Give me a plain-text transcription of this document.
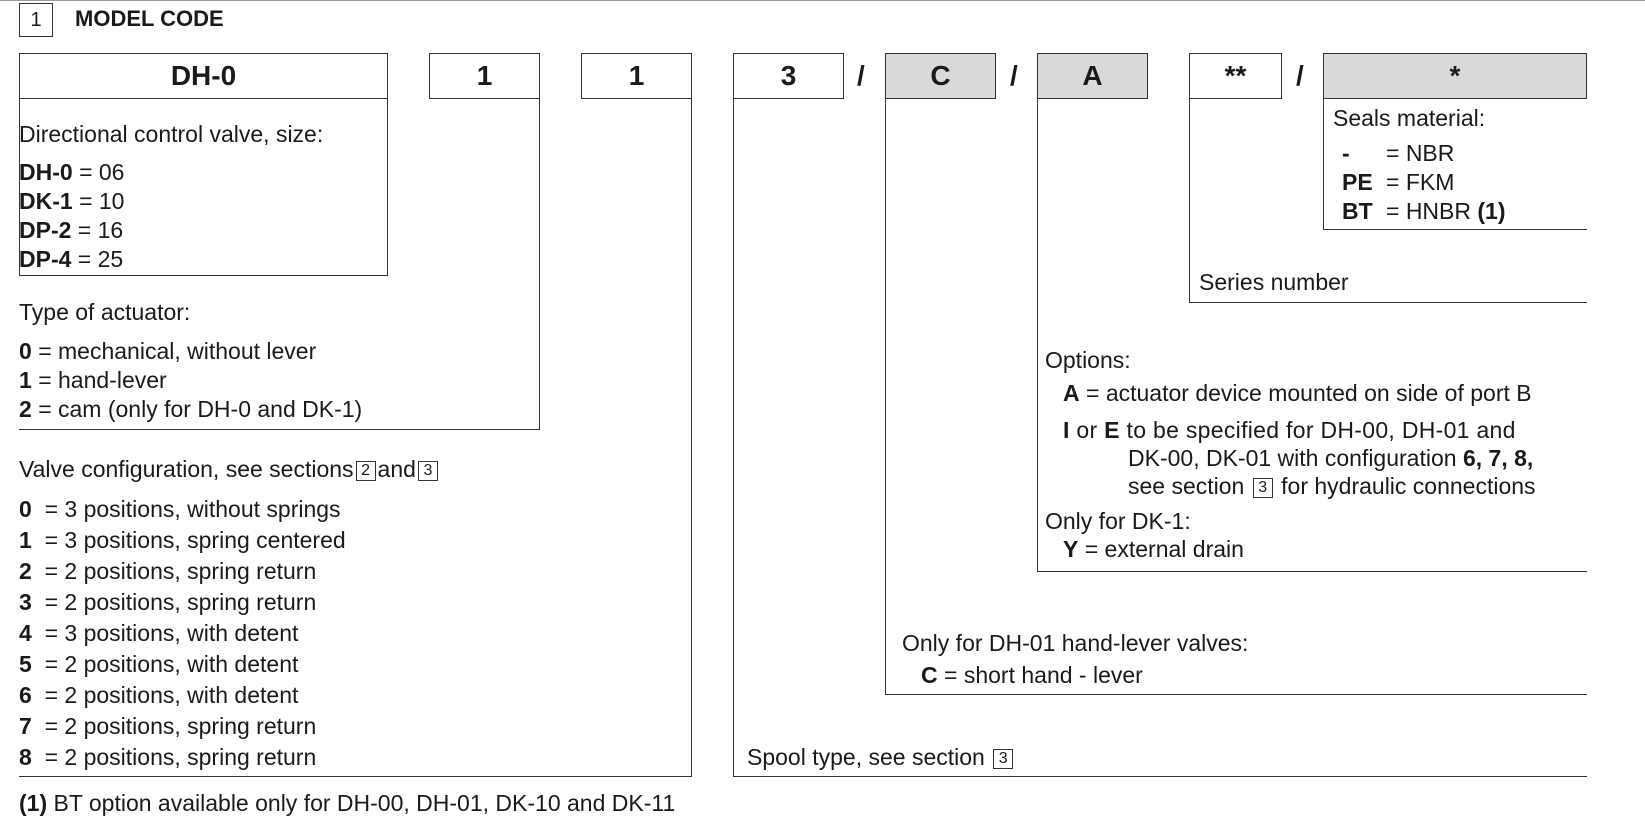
1	MODEL CODE
DH-0	1	1	3	/	C	/	A	**	/	*
Directional control valve, size:
DH-0 = 06
DK-1 = 10
DP-2 = 16
DP-4 = 25
Type of actuator:
0 = mechanical, without lever
1 = hand-lever
2 = cam (only for DH-0 and DK-1)
Valve configuration, see sections 2 and 3
0 = 3 positions, without springs
1 = 3 positions, spring centered
2 = 2 positions, spring return
3 = 2 positions, spring return
4 = 3 positions, with detent
5 = 2 positions, with detent
6 = 2 positions, with detent
7 = 2 positions, spring return
8 = 2 positions, spring return	Spool type, see section 3
Only for DH-01 hand-lever valves:
C = short hand - lever
Options:
A = actuator device mounted on side of port B
I or E to be specified for DH-00, DH-01 and
DK-00, DK-01 with configuration 6, 7, 8,
see section 3 for hydraulic connections
Only for DK-1:
Y = external drain
Series number
Seals material:
- = NBR
PE = FKM
BT = HNBR (1)
(1) BT option available only for DH-00, DH-01, DK-10 and DK-11
